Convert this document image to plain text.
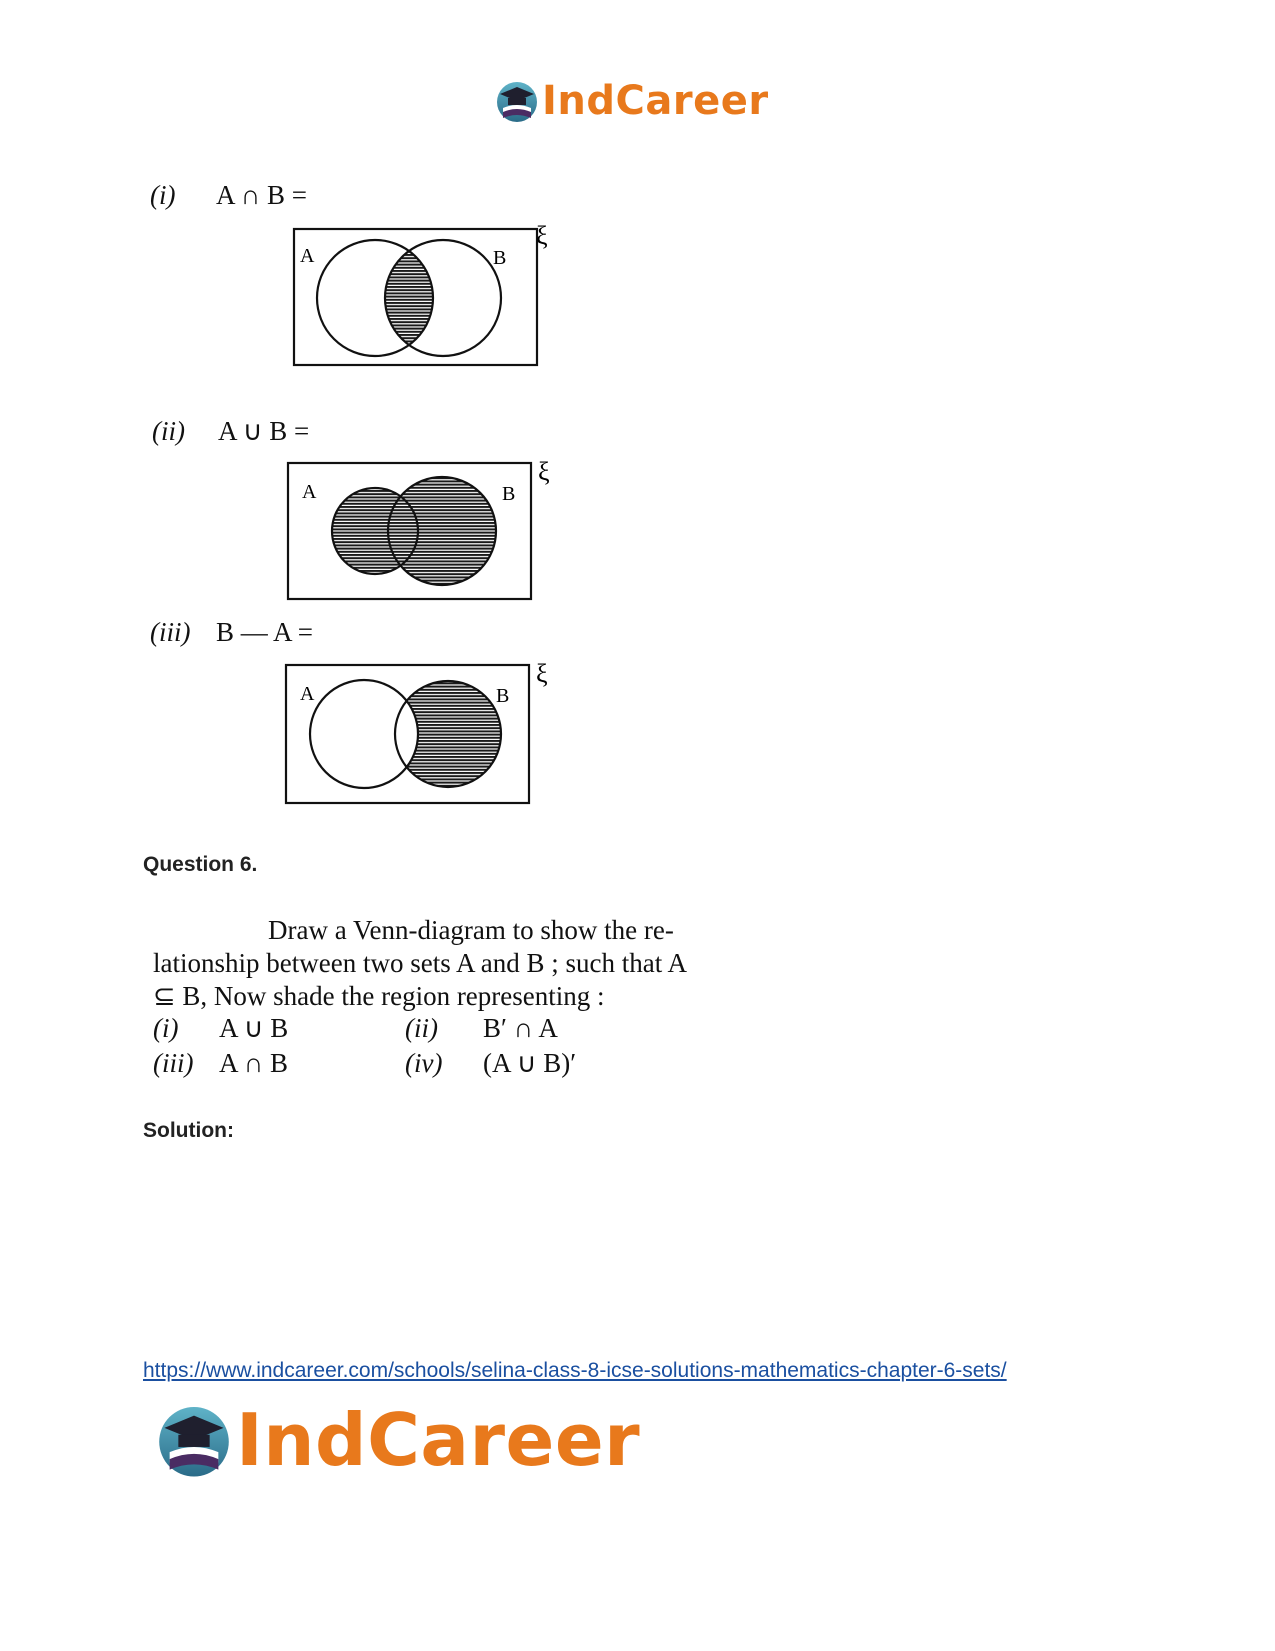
IndCareer
(i) A ∩ B =
ξ
A	B
(ii) A ∪ B =
ξ
A	B
(iii) B — A =
ξ
A	B
Question 6.
Draw a Venn-diagram to show the re-
lationship between two sets A and B ; such that A
⊆ B, Now shade the region representing :
(i)	A ∪ B	(ii)	B′ ∩ A
(iii) A ∩ B	(iv)	(A ∪ B)′
Solution:
https://www.indcareer.com/schools/selina-class-8-icse-solutions-mathematics-chapter-6-sets/
IndCareer
